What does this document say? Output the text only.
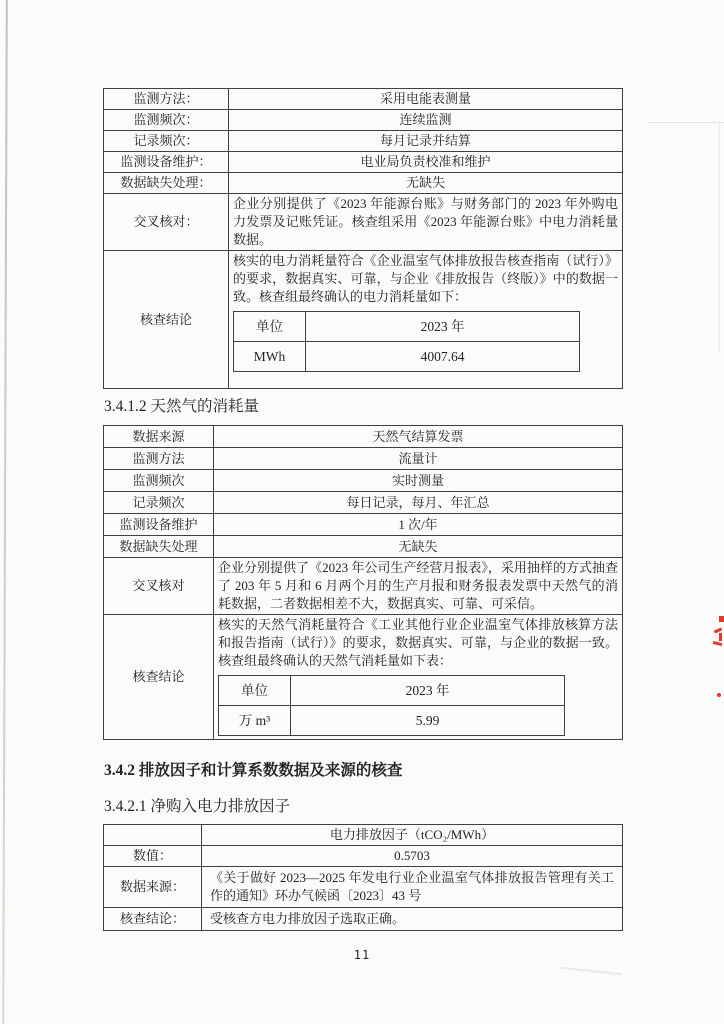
监测方法：	采用电能表测量
监测频次：	连续监测
记录频次：	每月记录并结算
监测设备维护：	电业局负责校准和维护
数据缺失处理：	无缺失
交叉核对：	企业分别提供了《2023 年能源台账》与财务部门的 2023 年外购电力发票及记账凭证。核查组采用《2023 年能源台账》中电力消耗量数据。
核查结论	核实的电力消耗量符合《企业温室气体排放报告核查指南（试行）》的要求，数据真实、可靠，与企业《排放报告（终版）》中的数据一致。核查组最终确认的电力消耗量如下：
单位	2023 年
MWh	4007.64
3.4.1.2 天然气的消耗量
数据来源	天然气结算发票
监测方法	流量计
监测频次	实时测量
记录频次	每日记录，每月、年汇总
监测设备维护	1 次/年
数据缺失处理	无缺失
交叉核对	企业分别提供了《2023 年公司生产经营月报表》，采用抽样的方式抽查了 203 年 5 月和 6 月两个月的生产月报和财务报表发票中天然气的消耗数据，二者数据相差不大，数据真实、可靠、可采信。
核查结论	核实的天然气消耗量符合《工业其他行业企业温室气体排放核算方法和报告指南（试行）》的要求，数据真实、可靠，与企业的数据一致。核查组最终确认的天然气消耗量如下表：
单位	2023 年
万 m³	5.99
3.4.2 排放因子和计算系数数据及来源的核查
3.4.2.1 净购入电力排放因子
	电力排放因子（tCO₂/MWh）
数值：	0.5703
数据来源：	《关于做好 2023—2025 年发电行业企业温室气体排放报告管理有关工作的通知》环办气候函〔2023〕43 号
核查结论：	受核查方电力排放因子选取正确。
11
